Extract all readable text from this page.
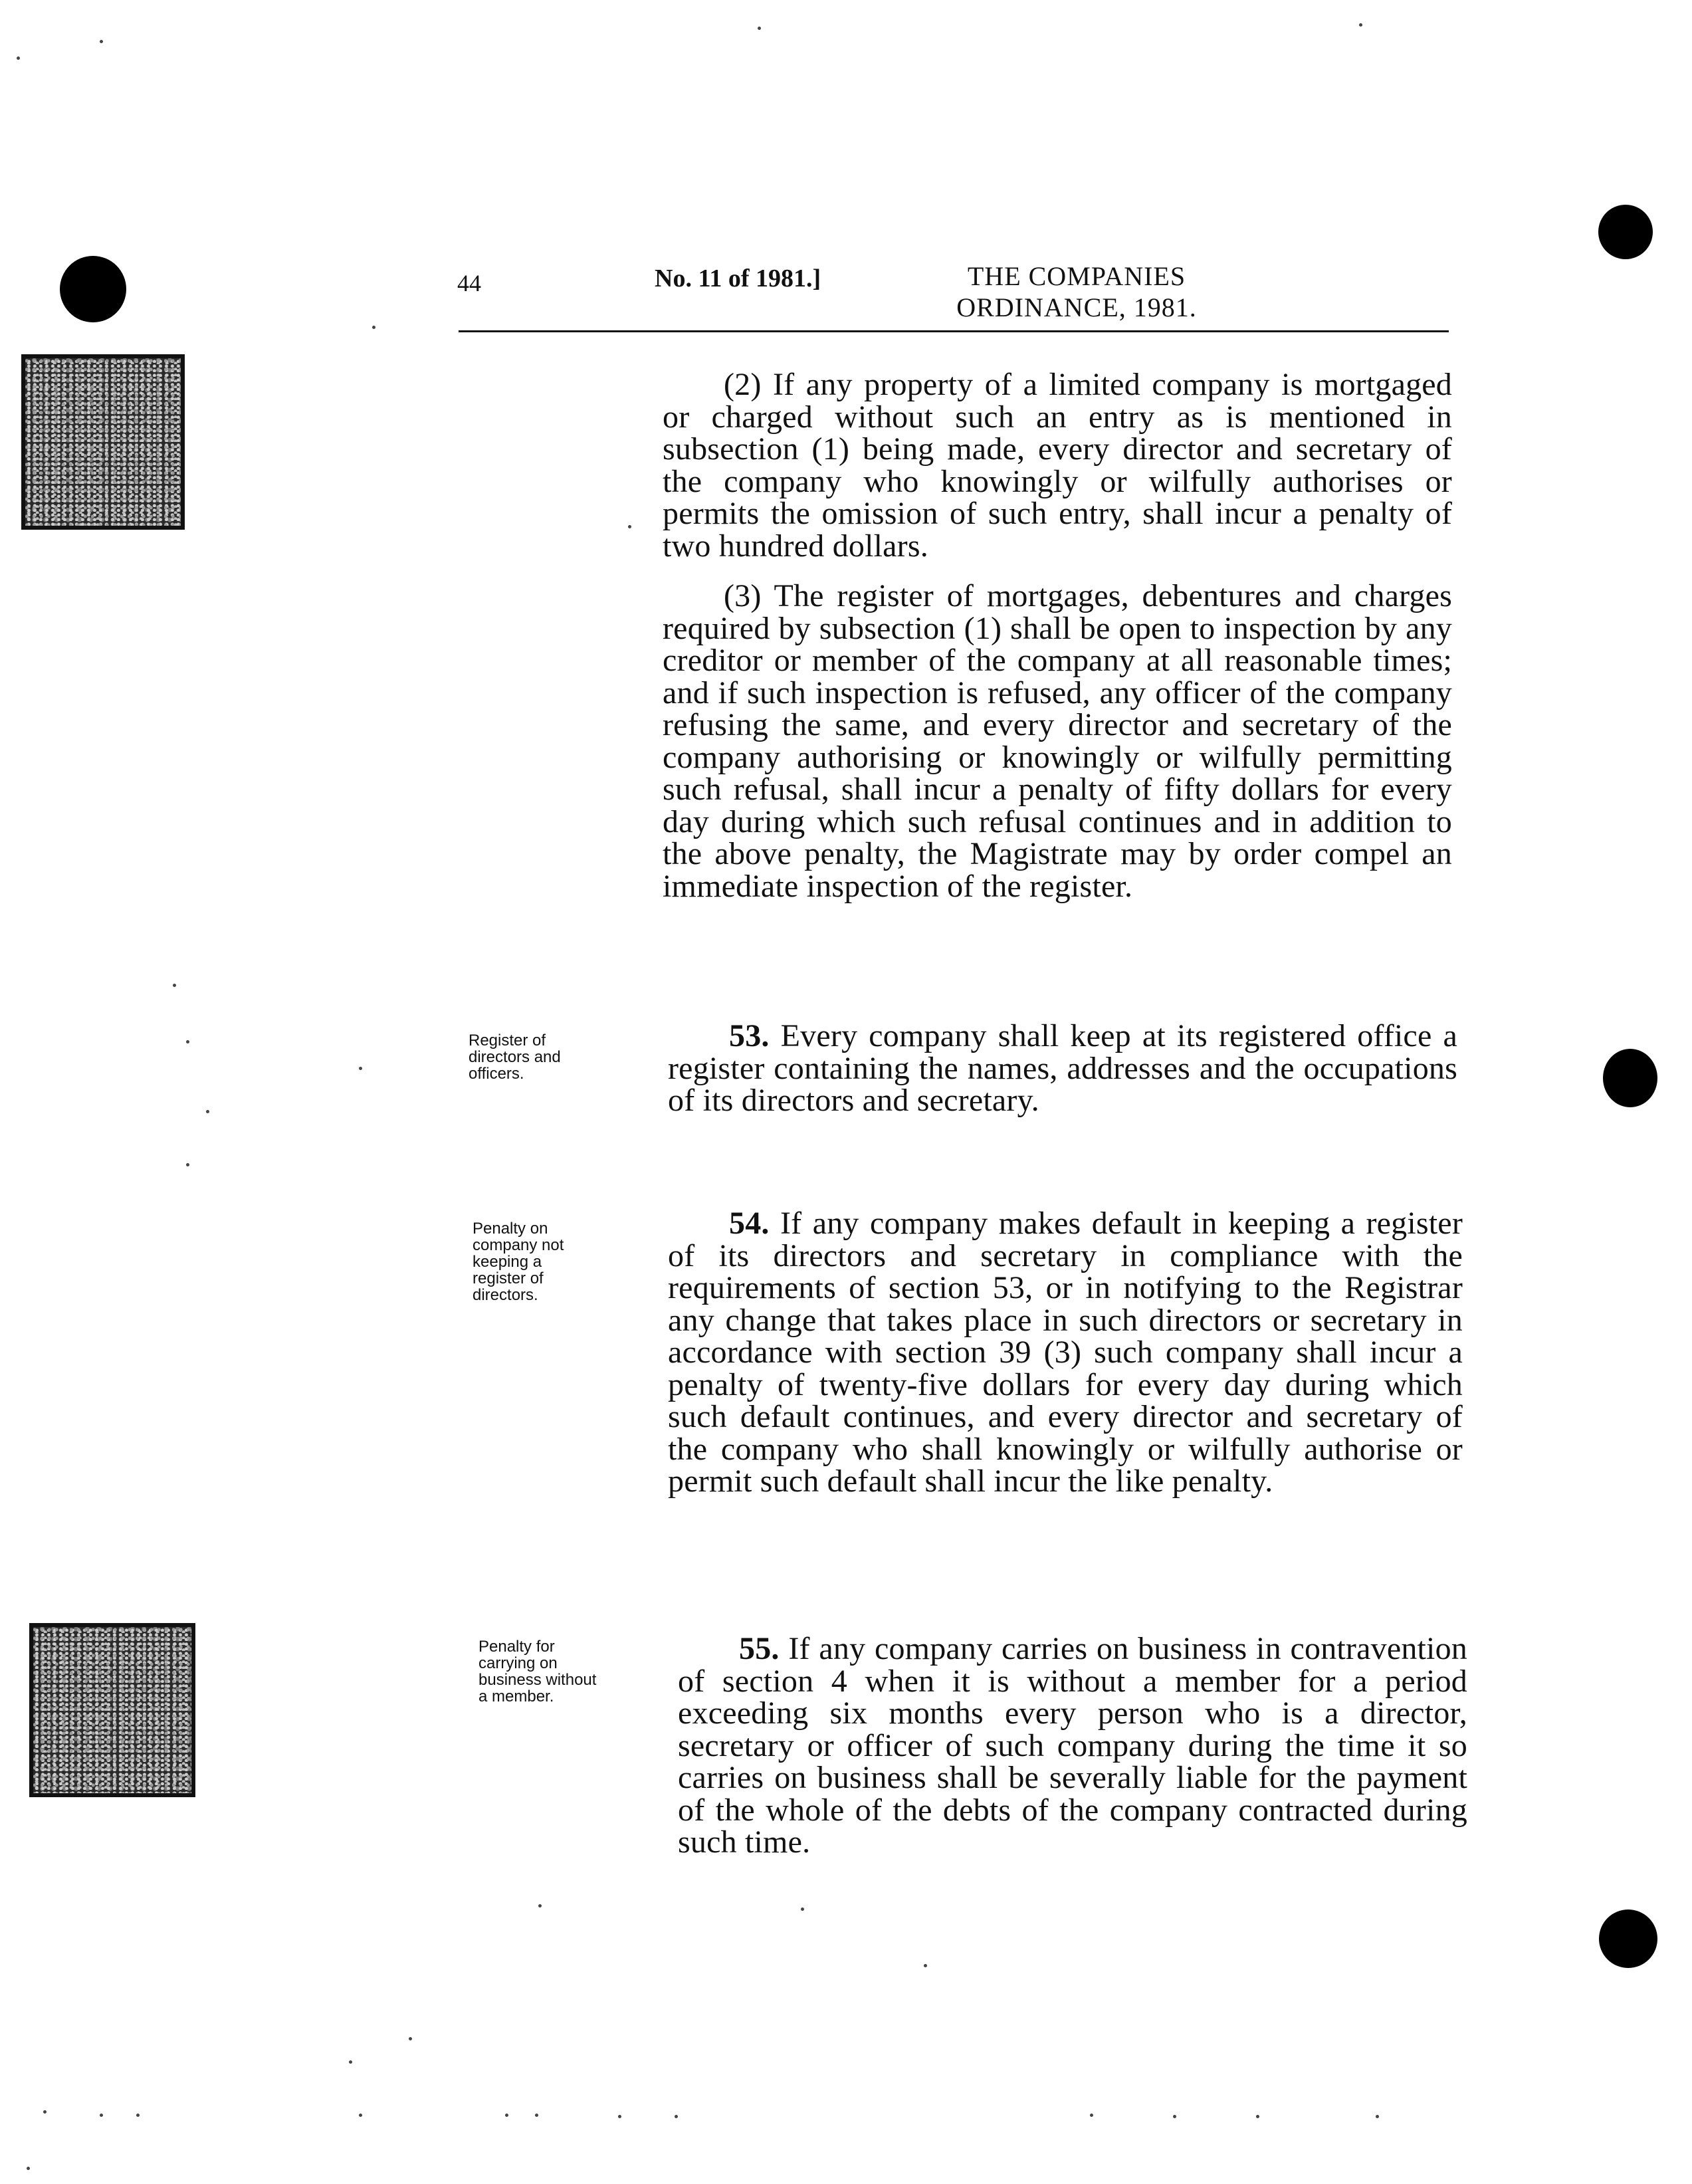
44	No. 11 of 1981.]	THE COMPANIES
ORDINANCE, 1981.
(2) If any property of a limited company is mortgaged or charged without such an entry as is mentioned in subsection (1) being made, every director and secretary of the company who knowingly or wilfully authorises or permits the omission of such entry, shall incur a penalty of two hundred dollars.
(3) The register of mortgages, debentures and charges required by subsection (1) shall be open to inspection by any creditor or member of the company at all reasonable times; and if such inspection is refused, any officer of the company refusing the same, and every director and secretary of the company authorising or knowingly or wilfully permitting such refusal, shall incur a penalty of fifty dollars for every day during which such refusal continues and in addition to the above penalty, the Magistrate may by order compel an immediate inspection of the register.
Register of
directors and
officers.
53. Every company shall keep at its registered office a register containing the names, addresses and the occupations of its directors and secretary.
Penalty on
company not
keeping a
register of
directors.
54. If any company makes default in keeping a register of its directors and secretary in compliance with the requirements of section 53, or in notifying to the Registrar any change that takes place in such directors or secretary in accordance with section 39 (3) such company shall incur a penalty of twenty-five dollars for every day during which such default continues, and every director and secretary of the company who shall knowingly or wilfully authorise or permit such default shall incur the like penalty.
Penalty for
carrying on
business without
a member.
55. If any company carries on business in contravention of section 4 when it is without a member for a period exceeding six months every person who is a director, secretary or officer of such company during the time it so carries on business shall be severally liable for the payment of the whole of the debts of the company contracted during such time.
